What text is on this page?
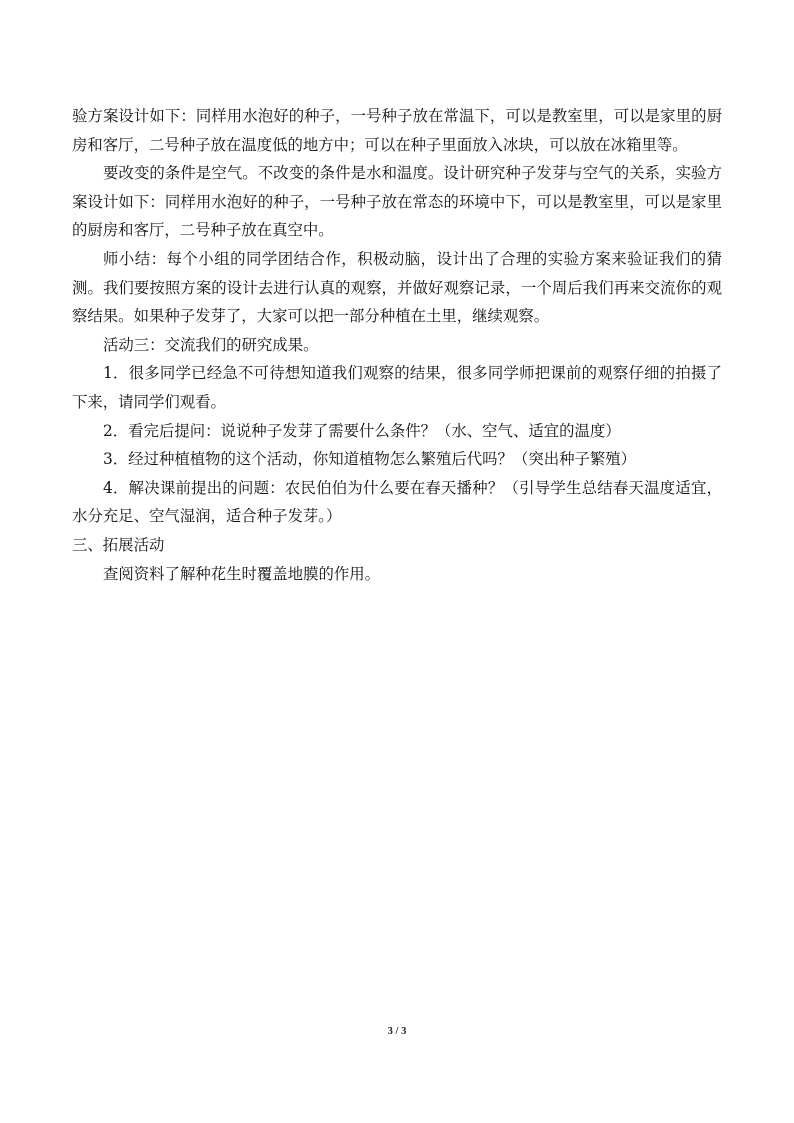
验方案设计如下：同样用水泡好的种子，一号种子放在常温下，可以是教室里，可以是家里的厨房和客厅，二号种子放在温度低的地方中；可以在种子里面放入冰块，可以放在冰箱里等。

要改变的条件是空气。不改变的条件是水和温度。设计研究种子发芽与空气的关系，实验方案设计如下：同样用水泡好的种子，一号种子放在常态的环境中下，可以是教室里，可以是家里的厨房和客厅，二号种子放在真空中。

师小结：每个小组的同学团结合作，积极动脑，设计出了合理的实验方案来验证我们的猜测。我们要按照方案的设计去进行认真的观察，并做好观察记录，一个周后我们再来交流你的观察结果。如果种子发芽了，大家可以把一部分种植在土里，继续观察。

活动三：交流我们的研究成果。

1．很多同学已经急不可待想知道我们观察的结果，很多同学师把课前的观察仔细的拍摄了下来，请同学们观看。

2．看完后提问：说说种子发芽了需要什么条件？（水、空气、适宜的温度）

3．经过种植植物的这个活动，你知道植物怎么繁殖后代吗？（突出种子繁殖）

4．解决课前提出的问题：农民伯伯为什么要在春天播种？（引导学生总结春天温度适宜，水分充足、空气湿润，适合种子发芽。）

三、拓展活动

查阅资料了解种花生时覆盖地膜的作用。

3 / 3
